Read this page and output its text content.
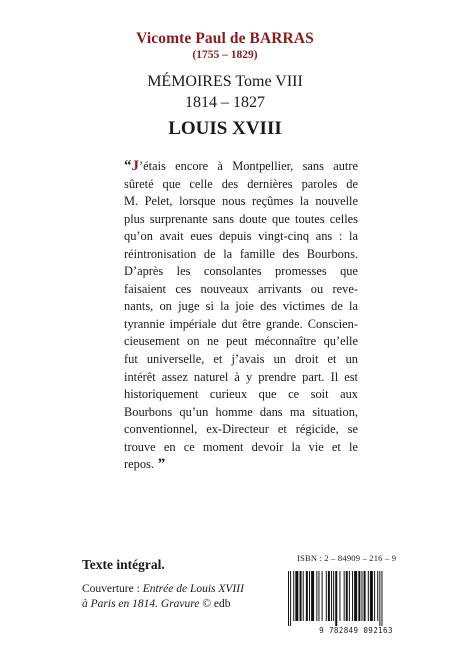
Vicomte Paul de BARRAS
(1755 – 1829)
MÉMOIRES Tome VIII
1814 – 1827
LOUIS XVIII
“J’étais encore à Montpellier, sans autre
sûreté que celle des dernières paroles de
M. Pelet, lorsque nous reçûmes la nouvelle
plus surprenante sans doute que toutes celles
qu’on avait eues depuis vingt-cinq ans : la
réintronisation de la famille des Bourbons.
D’après les consolantes promesses que
faisaient ces nouveaux arrivants ou reve-
nants, on juge si la joie des victimes de la
tyrannie impériale dut être grande. Conscien-
cieusement on ne peut méconnaître qu’elle
fut universelle, et j’avais un droit et un
intérêt assez naturel à y prendre part. Il est
historiquement curieux que ce soit aux
Bourbons qu’un homme dans ma situation,
conventionnel, ex-Directeur et régicide, se
trouve en ce moment devoir la vie et le
repos. ”
Texte intégral.
Couverture : Entrée de Louis XVIII
à Paris en 1814. Gravure © edb
ISBN : 2 – 84909 – 216 – 9
9 782849 092163
